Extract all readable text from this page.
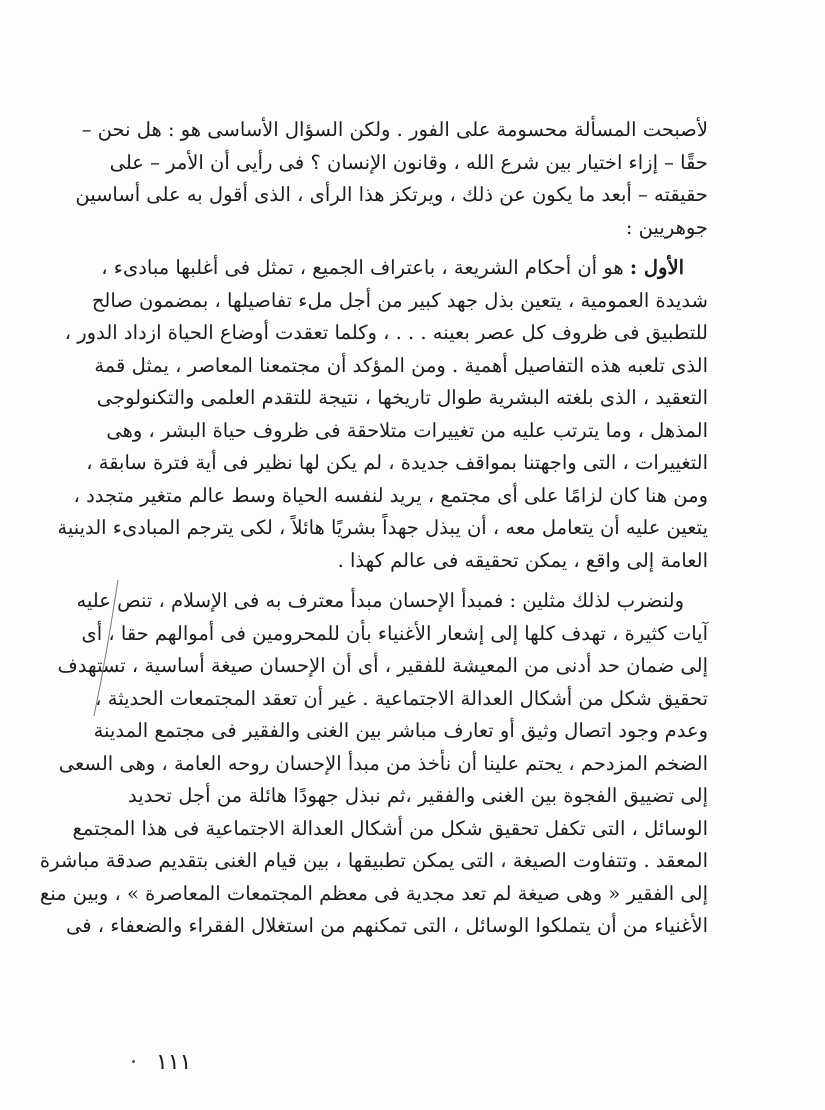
لأصبحت المسألة محسومة على الفور . ولكن السؤال الأساسى هو : هل نحن –
حقًا – إزاء اختيار بين شرع الله ، وقانون الإنسان ؟ فى رأيى أن الأمر – على
حقيقته – أبعد ما يكون عن ذلك ، ويرتكز هذا الرأى ، الذى أقول به على أساسين
جوهريين :
الأول : هو أن أحكام الشريعة ، باعتراف الجميع ، تمثل فى أغلبها مبادىء ،
شديدة العمومية ، يتعين بذل جهد كبير من أجل ملء تفاصيلها ، بمضمون صالح
للتطبيق فى ظروف كل عصر بعينه . . . ، وكلما تعقدت أوضاع الحياة ازداد الدور ،
الذى تلعبه هذه التفاصيل أهمية . ومن المؤكد أن مجتمعنا المعاصر ، يمثل قمة
التعقيد ، الذى بلغته البشرية طوال تاريخها ، نتيجة للتقدم العلمى والتكنولوجى
المذهل ، وما يترتب عليه من تغييرات متلاحقة فى ظروف حياة البشر ، وهى
التغييرات ، التى واجهتنا بمواقف جديدة ، لم يكن لها نظير فى أية فترة سابقة ،
ومن هنا كان لزامًا على أى مجتمع ، يريد لنفسه الحياة وسط عالم متغير متجدد ،
يتعين عليه أن يتعامل معه ، أن يبذل جهداً بشريًا هائلاً ، لكى يترجم المبادىء الدينية
العامة إلى واقع ، يمكن تحقيقه فى عالم كهذا .
ولنضرب لذلك مثلين : فمبدأ الإحسان مبدأ معترف به فى الإسلام ، تنص عليه
آيات كثيرة ، تهدف كلها إلى إشعار الأغنياء بأن للمحرومين فى أموالهم حقا ، أى
إلى ضمان حد أدنى من المعيشة للفقير ، أى أن الإحسان صيغة أساسية ، تستهدف
تحقيق شكل من أشكال العدالة الاجتماعية . غير أن تعقد المجتمعات الحديثة ،
وعدم وجود اتصال وثيق أو تعارف مباشر بين الغنى والفقير فى مجتمع المدينة
الضخم المزدحم ، يحتم علينا أن نأخذ من مبدأ الإحسان روحه العامة ، وهى السعى
إلى تضييق الفجوة بين الغنى والفقير ،ثم نبذل جهودًا هائلة من أجل تحديد
الوسائل ، التى تكفل تحقيق شكل من أشكال العدالة الاجتماعية فى هذا المجتمع
المعقد . وتتفاوت الصيغة ، التى يمكن تطبيقها ، بين قيام الغنى بتقديم صدقة مباشرة
إلى الفقير « وهى صيغة لم تعد مجدية فى معظم المجتمعات المعاصرة » ، وبين منع
الأغنياء من أن يتملكوا الوسائل ، التى تمكنهم من استغلال الفقراء والضعفاء ، فى
١١١
